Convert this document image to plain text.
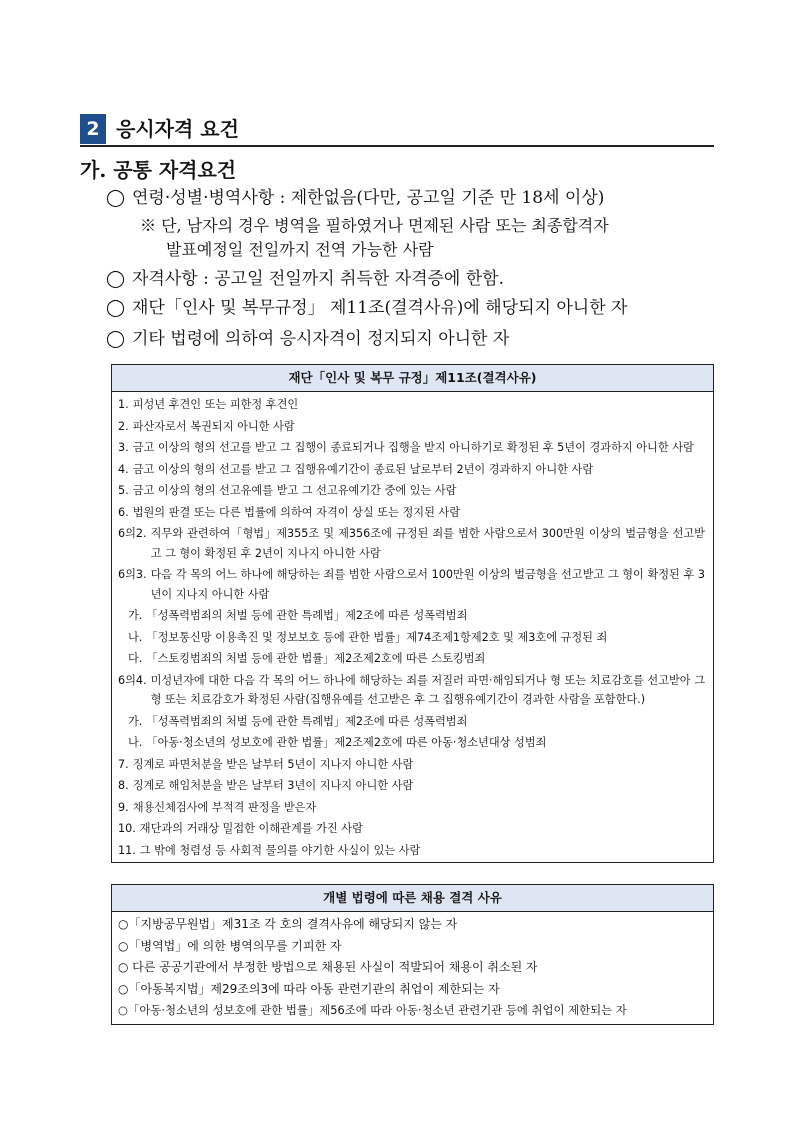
2 응시자격 요건
가. 공통 자격요건
◯ 연령·성별·병역사항 : 제한없음(다만, 공고일 기준 만 18세 이상)
※ 단, 남자의 경우 병역을 필하였거나 면제된 사람 또는 최종합격자
발표예정일 전일까지 전역 가능한 사람
◯ 자격사항 : 공고일 전일까지 취득한 자격증에 한함.
◯ 재단「인사 및 복무규정」 제11조(결격사유)에 해당되지 아니한 자
◯ 기타 법령에 의하여 응시자격이 정지되지 아니한 자
재단「인사 및 복무 규정」제11조(결격사유)
1. 피성년 후견인 또는 피한정 후견인
2. 파산자로서 복권되지 아니한 사람
3. 금고 이상의 형의 선고를 받고 그 집행이 종료되거나 집행을 받지 아니하기로 확정된 후 5년이 경과하지 아니한 사람
4. 금고 이상의 형의 선고를 받고 그 집행유예기간이 종료된 날로부터 2년이 경과하지 아니한 사람
5. 금고 이상의 형의 선고유예를 받고 그 선고유예기간 중에 있는 사람
6. 법원의 판결 또는 다른 법률에 의하여 자격이 상실 또는 정지된 사람
6의2. 직무와 관련하여「형법」제355조 및 제356조에 규정된 죄를 범한 사람으로서 300만원 이상의 벌금형을 선고받고 그 형이 확정된 후 2년이 지나지 아니한 사람
6의3. 다음 각 목의 어느 하나에 해당하는 죄를 범한 사람으로서 100만원 이상의 벌금형을 선고받고 그 형이 확정된 후 3년이 지나지 아니한 사람
가. 「성폭력범죄의 처벌 등에 관한 특례법」제2조에 따른 성폭력범죄
나. 「정보통신망 이용촉진 및 정보보호 등에 관한 법률」제74조제1항제2호 및 제3호에 규정된 죄
다. 「스토킹범죄의 처벌 등에 관한 법률」제2조제2호에 따른 스토킹범죄
6의4. 미성년자에 대한 다음 각 목의 어느 하나에 해당하는 죄를 저질러 파면·해임되거나 형 또는 치료감호를 선고받아 그 형 또는 치료감호가 확정된 사람(집행유예를 선고받은 후 그 집행유예기간이 경과한 사람을 포함한다.)
가. 「성폭력범죄의 처벌 등에 관한 특례법」제2조에 따른 성폭력범죄
나. 「아동·청소년의 성보호에 관한 법률」제2조제2호에 따른 아동·청소년대상 성범죄
7. 징계로 파면처분을 받은 날부터 5년이 지나지 아니한 사람
8. 징계로 해임처분을 받은 날부터 3년이 지나지 아니한 사람
9. 채용신체검사에 부적격 판정을 받은자
10. 재단과의 거래상 밀접한 이해관계를 가진 사람
11. 그 밖에 청렴성 등 사회적 물의를 야기한 사실이 있는 사람
개별 법령에 따른 채용 결격 사유
○「지방공무원법」제31조 각 호의 결격사유에 해당되지 않는 자
○「병역법」에 의한 병역의무를 기피한 자
○ 다른 공공기관에서 부정한 방법으로 채용된 사실이 적발되어 채용이 취소된 자
○「아동복지법」제29조의3에 따라 아동 관련기관의 취업이 제한되는 자
○「아동·청소년의 성보호에 관한 법률」제56조에 따라 아동·청소년 관련기관 등에 취업이 제한되는 자
